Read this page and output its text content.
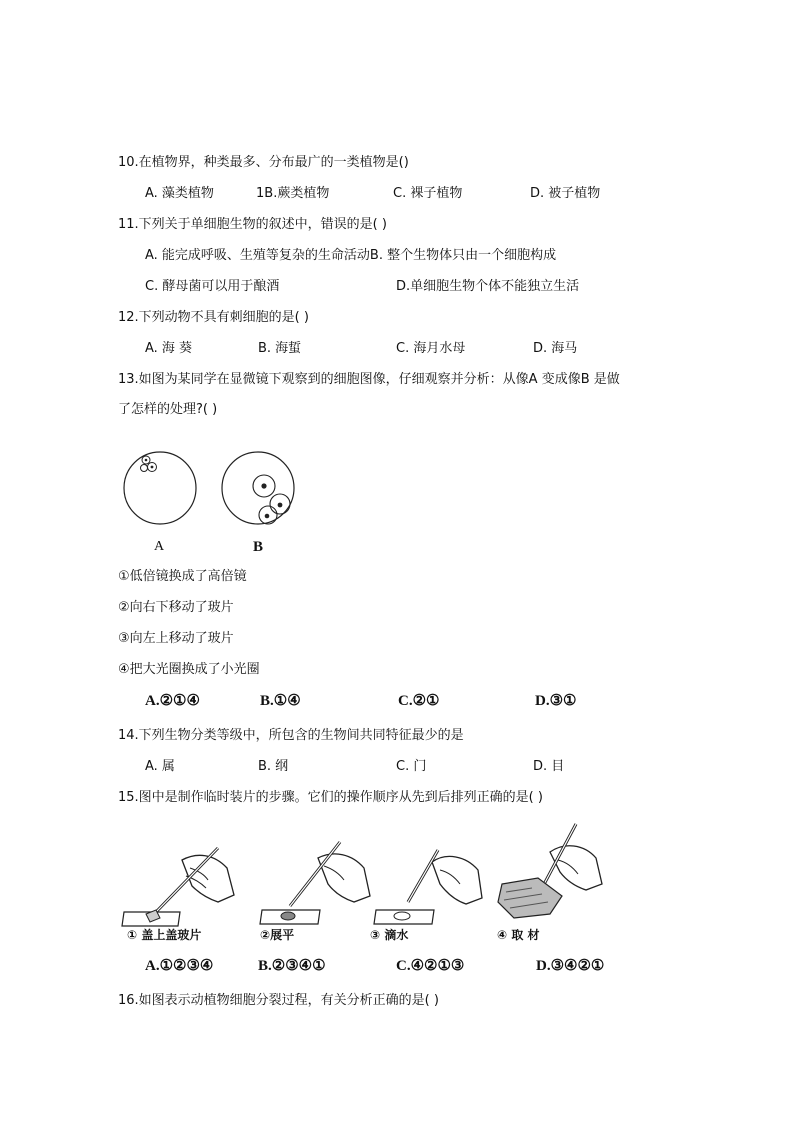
10.在植物界，种类最多、分布最广的一类植物是()
A. 藻类植物	1B.蕨类植物	C. 裸子植物	D. 被子植物
11.下列关于单细胞生物的叙述中，错误的是( )
A. 能完成呼吸、生殖等复杂的生命活动B. 整个生物体只由一个细胞构成
C. 酵母菌可以用于酿酒	D.单细胞生物个体不能独立生活
12.下列动物不具有刺细胞的是( )
A. 海 葵	B. 海蜇	C. 海月水母	D. 海马
13.如图为某同学在显微镜下观察到的细胞图像，仔细观察并分析：从像A 变成像B 是做
了怎样的处理?( )
A	B
①低倍镜换成了高倍镜
②向右下移动了玻片
③向左上移动了玻片
④把大光圈换成了小光圈
A.②①④	B.①④	C.②①	D.③①
14.下列生物分类等级中，所包含的生物间共同特征最少的是
A. 属	B. 纲	C. 门	D. 目
15.图中是制作临时装片的步骤。它们的操作顺序从先到后排列正确的是( )
① 盖上盖玻片	②展平	③ 滴水	④ 取 材
A.①②③④	B.②③④①	C.④②①③	D.③④②①
16.如图表示动植物细胞分裂过程，有关分析正确的是( )
